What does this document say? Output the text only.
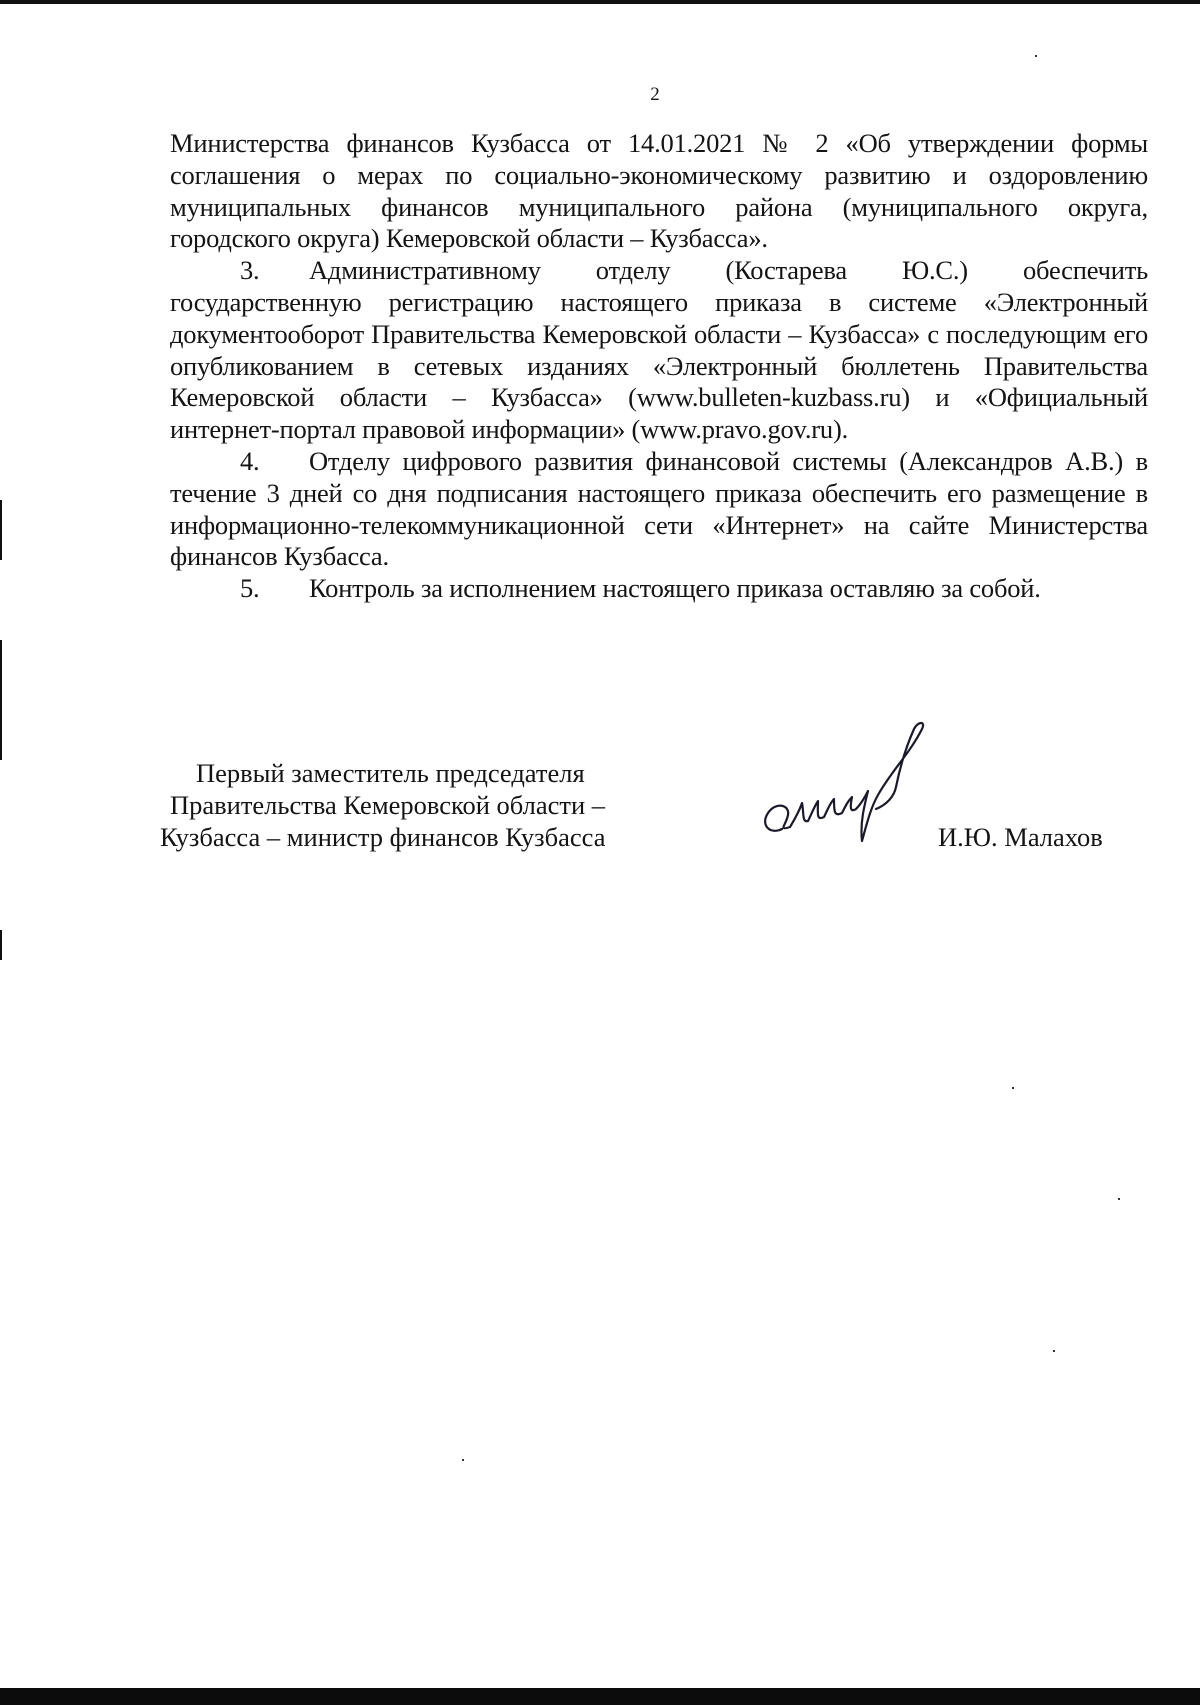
2

Министерства финансов Кузбасса от 14.01.2021 № 2 «Об утверждении формы соглашения о мерах по социально-экономическому развитию и оздоровлению муниципальных финансов муниципального района (муниципального округа, городского округа) Кемеровской области – Кузбасса».

3. Административному отделу (Костарева Ю.С.) обеспечить государственную регистрацию настоящего приказа в системе «Электронный документооборот Правительства Кемеровской области – Кузбасса» с последующим его опубликованием в сетевых изданиях «Электронный бюллетень Правительства Кемеровской области – Кузбасса» (www.bulleten-kuzbass.ru) и «Официальный интернет-портал правовой информации» (www.pravo.gov.ru).

4. Отделу цифрового развития финансовой системы (Александров А.В.) в течение 3 дней со дня подписания настоящего приказа обеспечить его размещение в информационно-телекоммуникационной сети «Интернет» на сайте Министерства финансов Кузбасса.

5. Контроль за исполнением настоящего приказа оставляю за собой.

Первый заместитель председателя
Правительства Кемеровской области –
Кузбасса – министр финансов Кузбасса	И.Ю. Малахов
